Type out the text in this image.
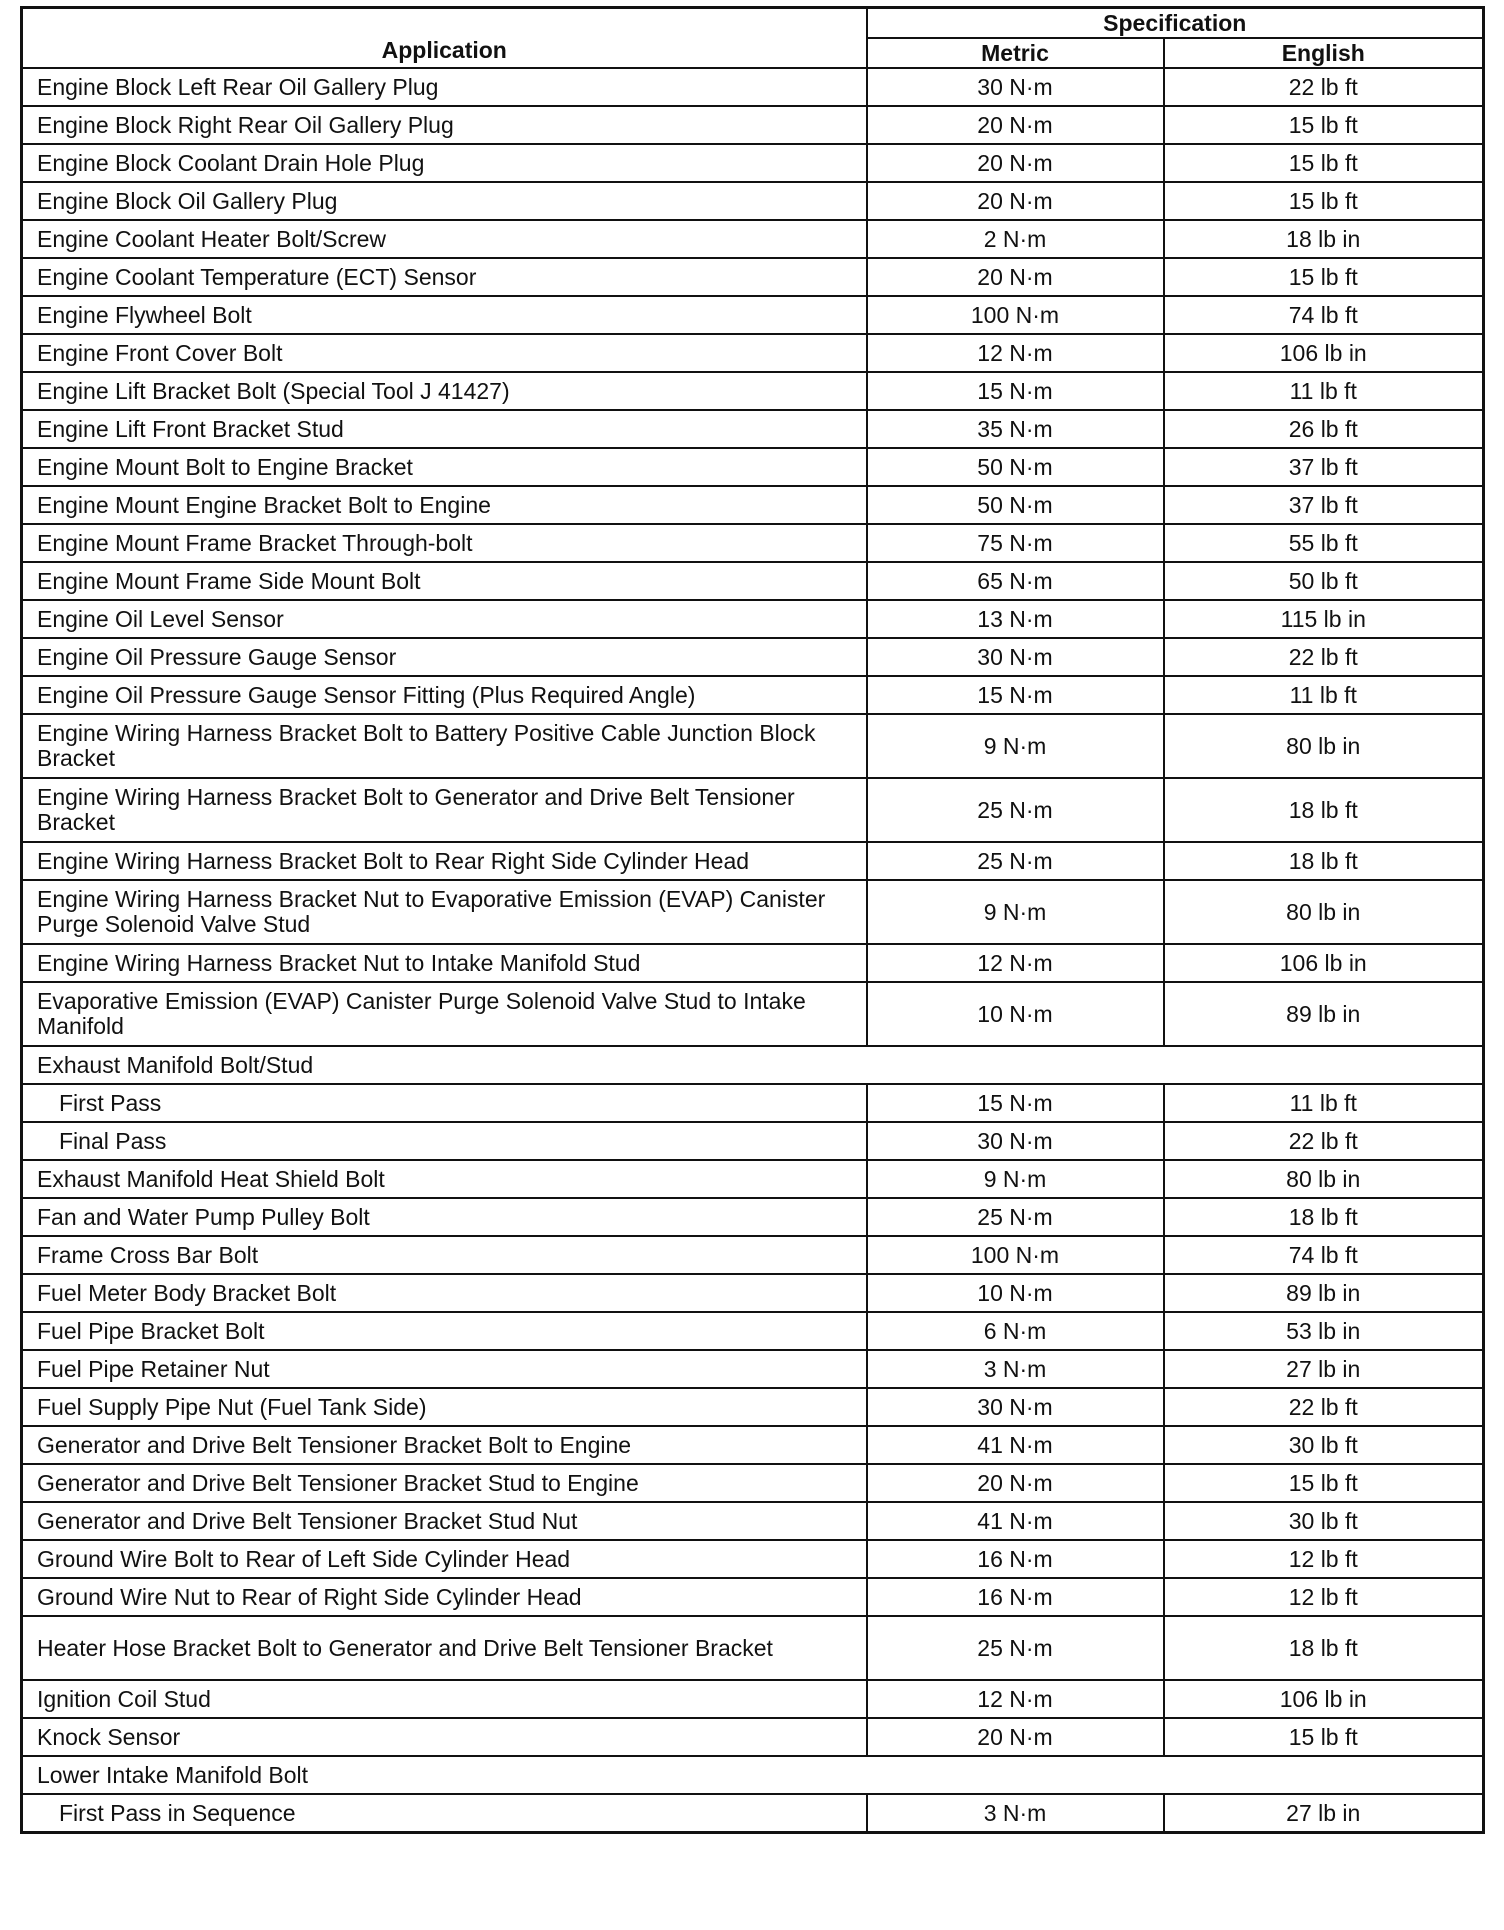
Application	Specification	
	Metric	English
Engine Block Left Rear Oil Gallery Plug	30 N·m	22 lb ft
Engine Block Right Rear Oil Gallery Plug	20 N·m	15 lb ft
Engine Block Coolant Drain Hole Plug	20 N·m	15 lb ft
Engine Block Oil Gallery Plug	20 N·m	15 lb ft
Engine Coolant Heater Bolt/Screw	2 N·m	18 lb in
Engine Coolant Temperature (ECT) Sensor	20 N·m	15 lb ft
Engine Flywheel Bolt	100 N·m	74 lb ft
Engine Front Cover Bolt	12 N·m	106 lb in
Engine Lift Bracket Bolt (Special Tool J 41427)	15 N·m	11 lb ft
Engine Lift Front Bracket Stud	35 N·m	26 lb ft
Engine Mount Bolt to Engine Bracket	50 N·m	37 lb ft
Engine Mount Engine Bracket Bolt to Engine	50 N·m	37 lb ft
Engine Mount Frame Bracket Through-bolt	75 N·m	55 lb ft
Engine Mount Frame Side Mount Bolt	65 N·m	50 lb ft
Engine Oil Level Sensor	13 N·m	115 lb in
Engine Oil Pressure Gauge Sensor	30 N·m	22 lb ft
Engine Oil Pressure Gauge Sensor Fitting (Plus Required Angle)	15 N·m	11 lb ft
Engine Wiring Harness Bracket Bolt to Battery Positive Cable Junction Block Bracket	9 N·m	80 lb in
Engine Wiring Harness Bracket Bolt to Generator and Drive Belt Tensioner Bracket	25 N·m	18 lb ft
Engine Wiring Harness Bracket Bolt to Rear Right Side Cylinder Head	25 N·m	18 lb ft
Engine Wiring Harness Bracket Nut to Evaporative Emission (EVAP) Canister Purge Solenoid Valve Stud	9 N·m	80 lb in
Engine Wiring Harness Bracket Nut to Intake Manifold Stud	12 N·m	106 lb in
Evaporative Emission (EVAP) Canister Purge Solenoid Valve Stud to Intake Manifold	10 N·m	89 lb in
Exhaust Manifold Bolt/Stud		
First Pass	15 N·m	11 lb ft
Final Pass	30 N·m	22 lb ft
Exhaust Manifold Heat Shield Bolt	9 N·m	80 lb in
Fan and Water Pump Pulley Bolt	25 N·m	18 lb ft
Frame Cross Bar Bolt	100 N·m	74 lb ft
Fuel Meter Body Bracket Bolt	10 N·m	89 lb in
Fuel Pipe Bracket Bolt	6 N·m	53 lb in
Fuel Pipe Retainer Nut	3 N·m	27 lb in
Fuel Supply Pipe Nut (Fuel Tank Side)	30 N·m	22 lb ft
Generator and Drive Belt Tensioner Bracket Bolt to Engine	41 N·m	30 lb ft
Generator and Drive Belt Tensioner Bracket Stud to Engine	20 N·m	15 lb ft
Generator and Drive Belt Tensioner Bracket Stud Nut	41 N·m	30 lb ft
Ground Wire Bolt to Rear of Left Side Cylinder Head	16 N·m	12 lb ft
Ground Wire Nut to Rear of Right Side Cylinder Head	16 N·m	12 lb ft
Heater Hose Bracket Bolt to Generator and Drive Belt Tensioner Bracket	25 N·m	18 lb ft
Ignition Coil Stud	12 N·m	106 lb in
Knock Sensor	20 N·m	15 lb ft
Lower Intake Manifold Bolt		
First Pass in Sequence	3 N·m	27 lb in
